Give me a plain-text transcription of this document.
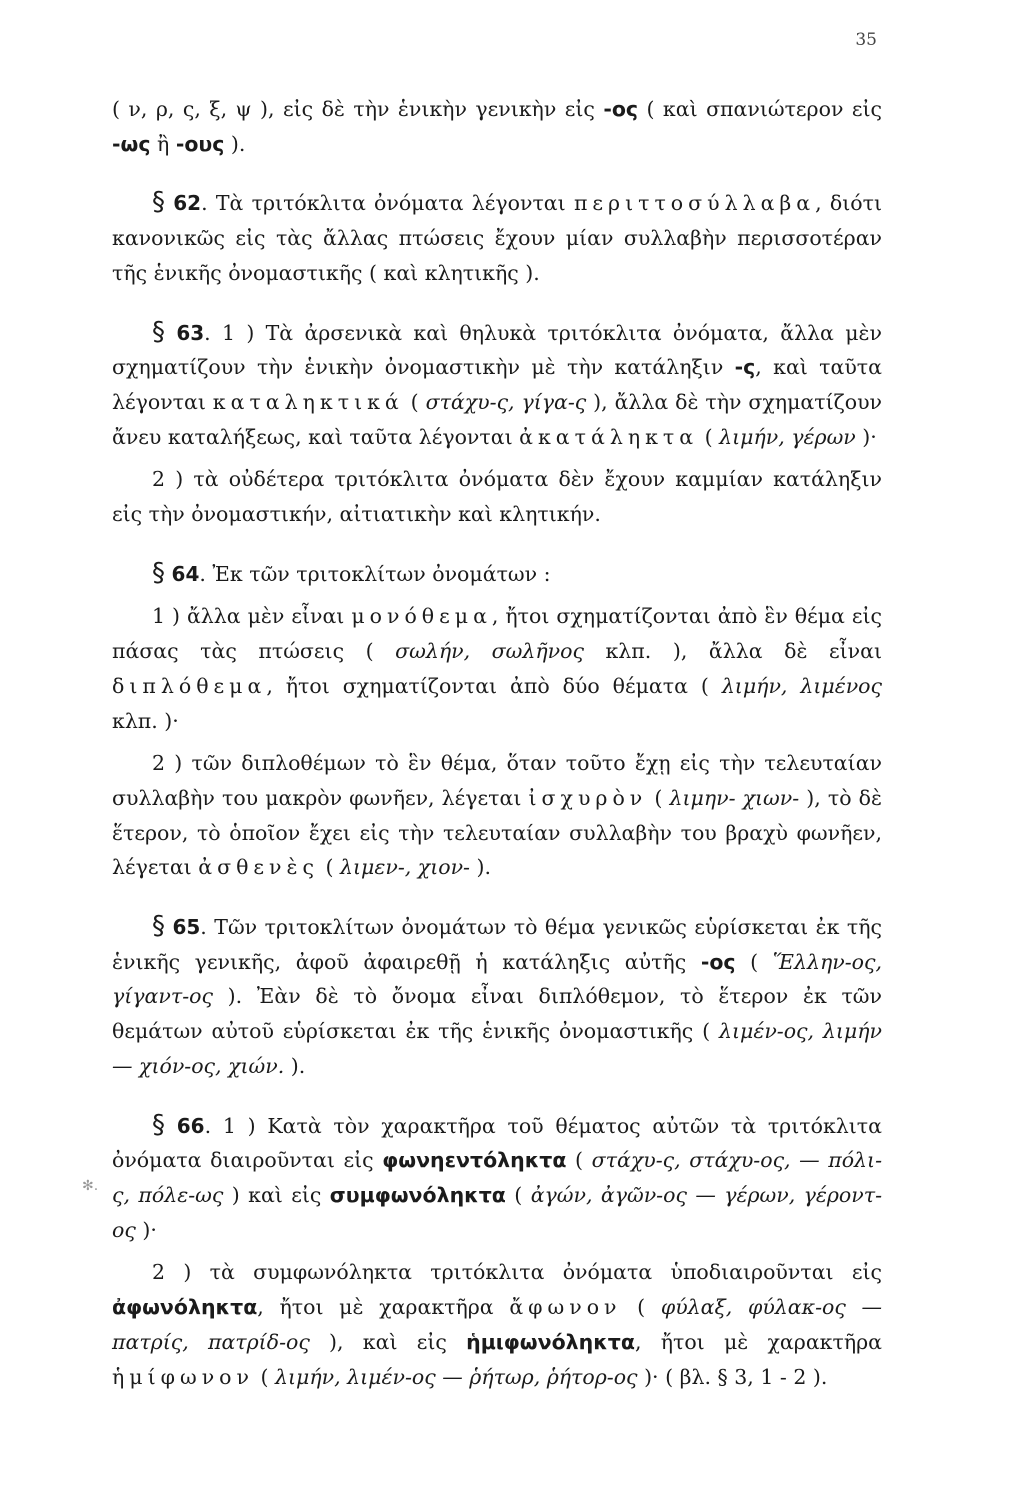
35

( ν, ρ, ς, ξ, ψ ), εἰς δὲ τὴν ἑνικὴν γενικὴν εἰς -ος ( καὶ σπανιώτερον εἰς -ως ἢ -ους ).

§ 62. Τὰ τριτόκλιτα ὀνόματα λέγονται περιττοσύλλαβα, διότι κανονικῶς εἰς τὰς ἄλλας πτώσεις ἔχουν μίαν συλλαβὴν περισσοτέραν τῆς ἑνικῆς ὀνομαστικῆς ( καὶ κλητικῆς ).

§ 63. 1 ) Τὰ ἀρσενικὰ καὶ θηλυκὰ τριτόκλιτα ὀνόματα, ἄλλα μὲν σχηματίζουν τὴν ἑνικὴν ὀνομαστικὴν μὲ τὴν κατάληξιν -ς, καὶ ταῦτα λέγονται καταληκτικά ( στάχυ-ς, γίγα-ς ), ἄλλα δὲ τὴν σχηματίζουν ἄνευ καταλήξεως, καὶ ταῦτα λέγονται ἀκατάληκτα ( λιμήν, γέρων )·

2 ) τὰ οὐδέτερα τριτόκλιτα ὀνόματα δὲν ἔχουν καμμίαν κατάληξιν εἰς τὴν ὀνομαστικήν, αἰτιατικὴν καὶ κλητικήν.

§ 64. Ἐκ τῶν τριτοκλίτων ὀνομάτων :

1 ) ἄλλα μὲν εἶναι μονόθεμα, ἤτοι σχηματίζονται ἀπὸ ἓν θέμα εἰς πάσας τὰς πτώσεις ( σωλήν, σωλῆνος κλπ. ), ἄλλα δὲ εἶναι διπλόθεμα, ἤτοι σχηματίζονται ἀπὸ δύο θέματα ( λιμήν, λιμένος κλπ. )·

2 ) τῶν διπλοθέμων τὸ ἓν θέμα, ὅταν τοῦτο ἔχῃ εἰς τὴν τελευταίαν συλλαβὴν του μακρὸν φωνῆεν, λέγεται ἰσχυρὸν ( λιμην- χιων- ), τὸ δὲ ἕτερον, τὸ ὁποῖον ἔχει εἰς τὴν τελευταίαν συλλαβὴν του βραχὺ φωνῆεν, λέγεται ἀσθενὲς ( λιμεν-, χιον- ).

§ 65. Τῶν τριτοκλίτων ὀνομάτων τὸ θέμα γενικῶς εὑρίσκεται ἐκ τῆς ἑνικῆς γενικῆς, ἀφοῦ ἀφαιρεθῇ ἡ κατάληξις αὐτῆς -ος ( Ἕλλην-ος, γίγαντ-ος ). Ἐὰν δὲ τὸ ὄνομα εἶναι διπλόθεμον, τὸ ἕτερον ἐκ τῶν θεμάτων αὐτοῦ εὑρίσκεται ἐκ τῆς ἑνικῆς ὀνομαστικῆς ( λιμέν-ος, λιμήν — χιόν-ος, χιών. ).

§ 66. 1 ) Κατὰ τὸν χαρακτῆρα τοῦ θέματος αὐτῶν τὰ τριτόκλιτα ὀνόματα διαιροῦνται εἰς φωνηεντόληκτα ( στάχυ-ς, στάχυ-ος, — πόλι-ς, πόλε-ως ) καὶ εἰς συμφωνόληκτα ( ἀγών, ἀγῶν-ος — γέρων, γέροντ-ος )·

2 ) τὰ συμφωνόληκτα τριτόκλιτα ὀνόματα ὑποδιαιροῦνται εἰς ἀφωνόληκτα, ἤτοι μὲ χαρακτῆρα ἄφωνον ( φύλαξ, φύλακ-ος — πατρίς, πατρίδ-ος ), καὶ εἰς ἡμιφωνόληκτα, ἤτοι μὲ χαρακτῆρα ἡμίφωνον ( λιμήν, λιμέν-ος — ῥήτωρ, ῥήτορ-ος )· ( βλ. § 3, 1 - 2 ).

✻.
